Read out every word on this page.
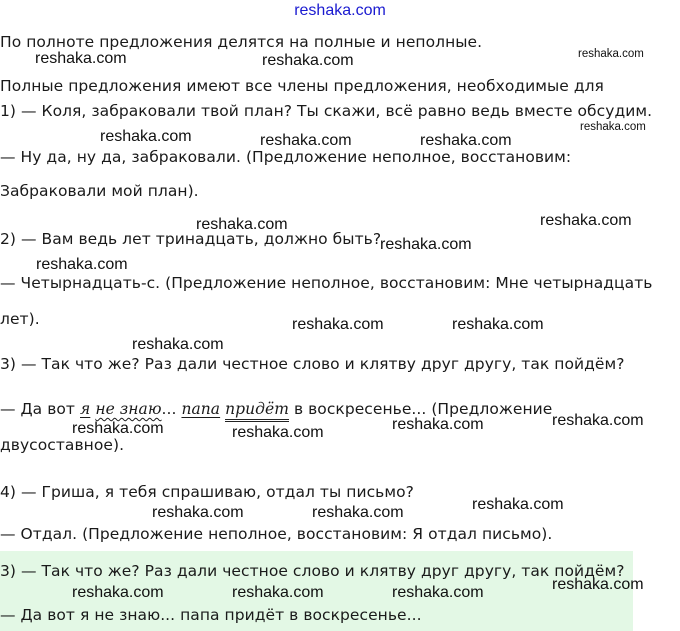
reshaka.com
По полноте предложения делятся на полные и неполные.
Полные предложения имеют все члены предложения, необходимые для
1) — Коля, забраковали твой план? Ты скажи, всё равно ведь вместе обсудим.
— Ну да, ну да, забраковали. (Предложение неполное, восстановим:
Забраковали мой план).
2) — Вам ведь лет тринадцать, должно быть?
— Четырнадцать-с. (Предложение неполное, восстановим: Мне четырнадцать
лет).
3) — Так что же? Раз дали честное слово и клятву друг другу, так пойдём?
— Да вот я не знаю... папа придёт в воскресенье... (Предложение
двусоставное).
4) — Гриша, я тебя спрашиваю, отдал ты письмо?
— Отдал. (Предложение неполное, восстановим: Я отдал письмо).
3) — Так что же? Раз дали честное слово и клятву друг другу, так пойдём?
— Да вот я не знаю... папа придёт в воскресенье...
reshaka.com	reshaka.com	reshaka.com
reshaka.com
reshaka.com	reshaka.com	reshaka.com
reshaka.com	reshaka.com
reshaka.com
reshaka.com
reshaka.com	reshaka.com
reshaka.com
reshaka.com	reshaka.com	reshaka.com	reshaka.com
reshaka.com
reshaka.com	reshaka.com
reshaka.com
reshaka.com	reshaka.com	reshaka.com
